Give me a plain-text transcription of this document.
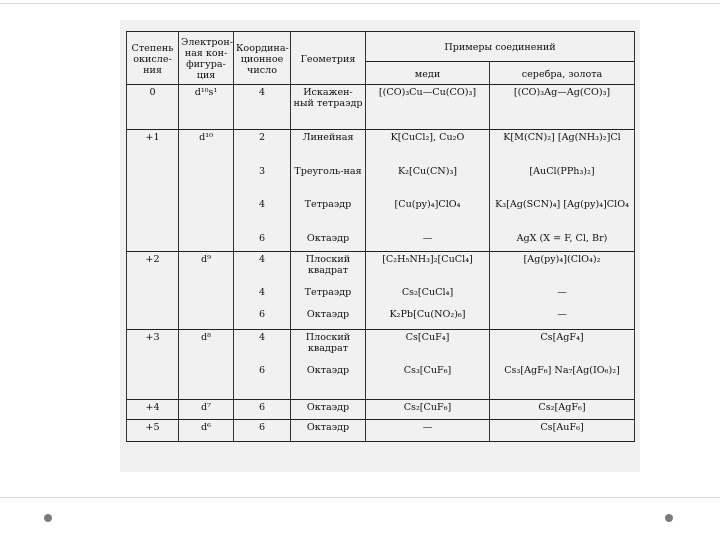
Степень окисле-ния	Электрон-ная кон-фигура-ция	Координа-ционное число	Геометрия	Примеры соединений	
				меди	серебра, золота
0	d¹⁰s¹	4	Искажен-ный тетраэдр	[(CO)₃Cu—Cu(CO)₃]	[(CO)₃Ag—Ag(CO)₃]
+1	d¹⁰	2	Линейная	K[CuCl₂], Cu₂O	K[M(CN)₂] [Ag(NH₃)₂]Cl
		3	Треуголь-ная	K₂[Cu(CN)₃]	[AuCl(PPh₃)₂]
		4	Тетраэдр	[Cu(py)₄]ClO₄	K₃[Ag(SCN)₄] [Ag(py)₄]ClO₄
		6	Октаэдр	—	AgX (X = F, Cl, Br)
+2	d⁹	4	Плоский квадрат	[C₂H₅NH₃]₂[CuCl₄]	[Ag(py)₄](ClO₄)₂
		4	Тетраэдр	Cs₂[CuCl₄]	—
		6	Октаэдр	K₂Pb[Cu(NO₂)₆]	—
+3	d⁸	4	Плоский квадрат	Cs[CuF₄]	Cs[AgF₄]
		6	Октаэдр	Cs₃[CuF₆]	Cs₃[AgF₆] Na₇[Ag(IO₆)₂]
+4	d⁷	6	Октаэдр	Cs₂[CuF₆]	Cs₂[AgF₆]
+5	d⁶	6	Октаэдр	—	Cs[AuF₆]
